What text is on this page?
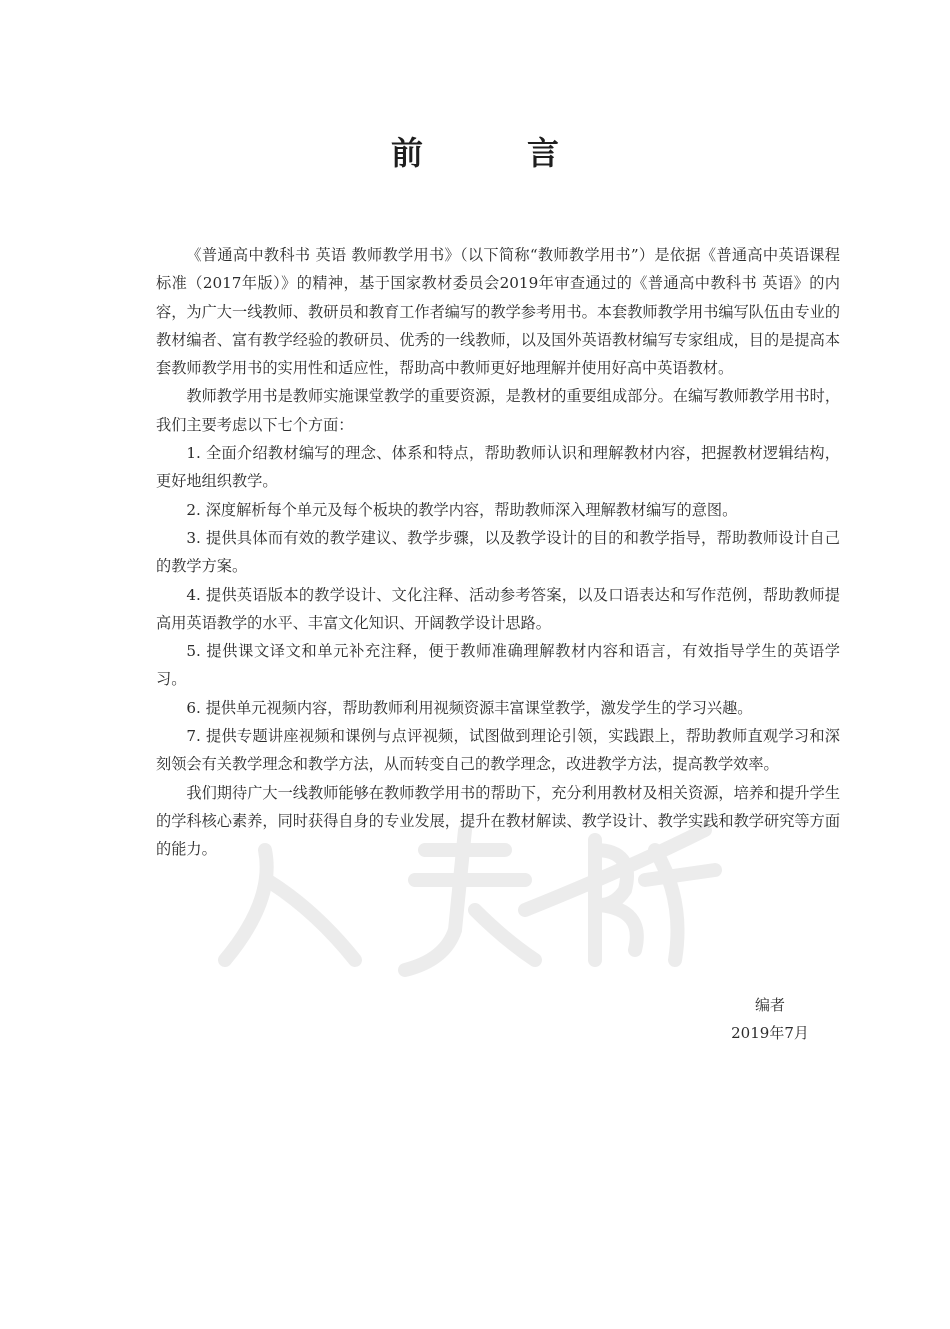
前　言

《普通高中教科书 英语 教师教学用书》（以下简称“教师教学用书”）是依据《普通高中英语课程标准（2017年版）》的精神，基于国家教材委员会2019年审查通过的《普通高中教科书 英语》的内容，为广大一线教师、教研员和教育工作者编写的教学参考用书。本套教师教学用书编写队伍由专业的教材编者、富有教学经验的教研员、优秀的一线教师，以及国外英语教材编写专家组成，目的是提高本套教师教学用书的实用性和适应性，帮助高中教师更好地理解并使用好高中英语教材。

教师教学用书是教师实施课堂教学的重要资源，是教材的重要组成部分。在编写教师教学用书时，我们主要考虑以下七个方面：

1. 全面介绍教材编写的理念、体系和特点，帮助教师认识和理解教材内容，把握教材逻辑结构，更好地组织教学。

2. 深度解析每个单元及每个板块的教学内容，帮助教师深入理解教材编写的意图。

3. 提供具体而有效的教学建议、教学步骤，以及教学设计的目的和教学指导，帮助教师设计自己的教学方案。

4. 提供英语版本的教学设计、文化注释、活动参考答案，以及口语表达和写作范例，帮助教师提高用英语教学的水平、丰富文化知识、开阔教学设计思路。

5. 提供课文译文和单元补充注释，便于教师准确理解教材内容和语言，有效指导学生的英语学习。

6. 提供单元视频内容，帮助教师利用视频资源丰富课堂教学，激发学生的学习兴趣。

7. 提供专题讲座视频和课例与点评视频，试图做到理论引领，实践跟上，帮助教师直观学习和深刻领会有关教学理念和教学方法，从而转变自己的教学理念，改进教学方法，提高教学效率。

我们期待广大一线教师能够在教师教学用书的帮助下，充分利用教材及相关资源，培养和提升学生的学科核心素养，同时获得自身的专业发展，提升在教材解读、教学设计、教学实践和教学研究等方面的能力。

编者
2019年7月
